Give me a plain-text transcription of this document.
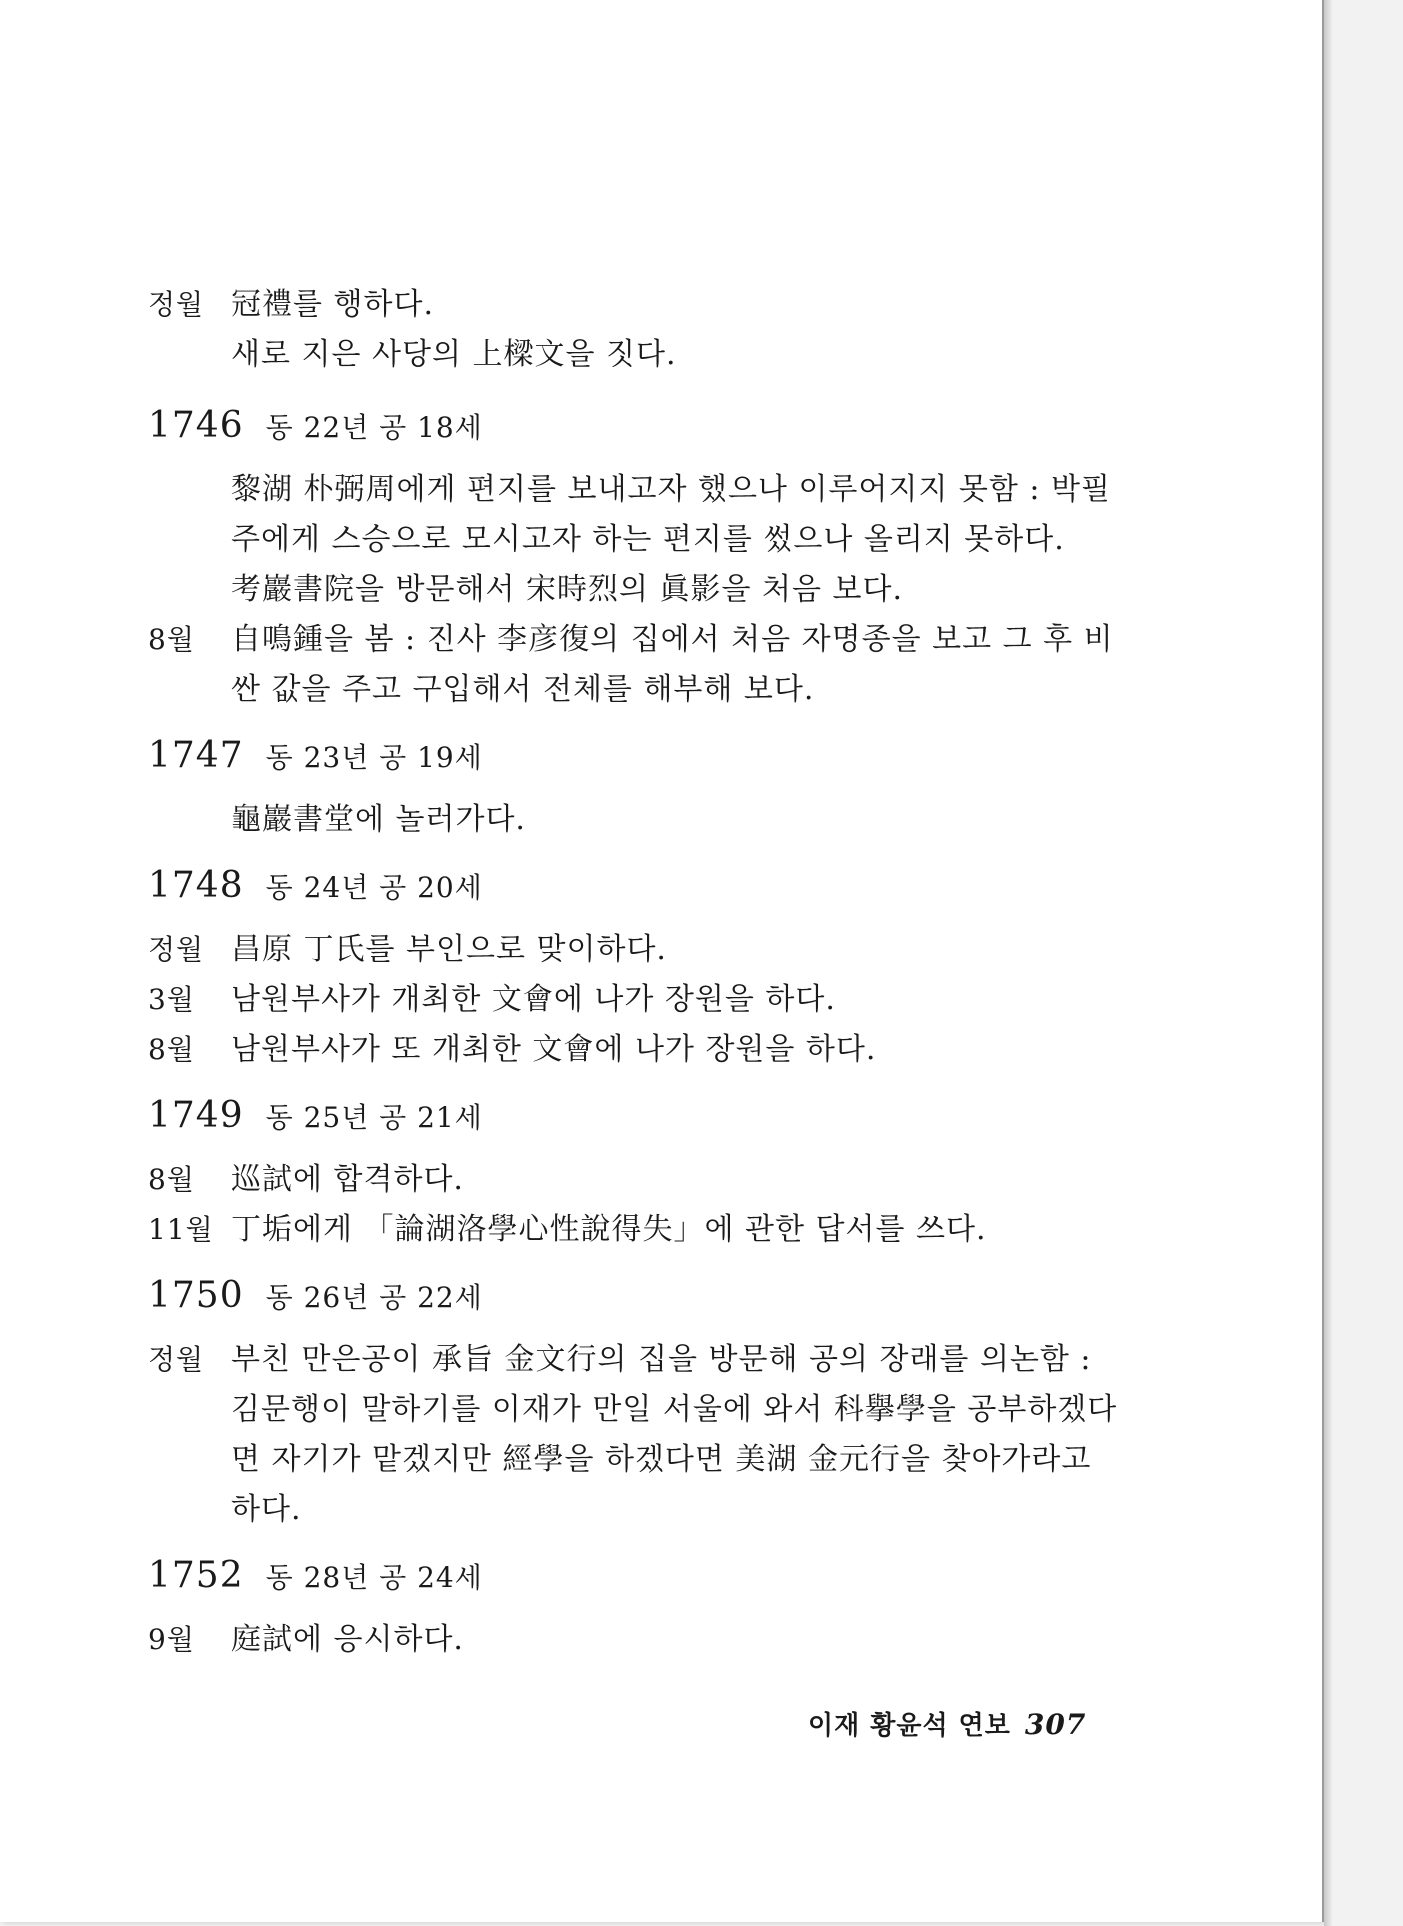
정월 冠禮를 행하다.
새로 지은 사당의 上樑文을 짓다.
1746 동 22년 공 18세
黎湖 朴弼周에게 편지를 보내고자 했으나 이루어지지 못함 : 박필
주에게 스승으로 모시고자 하는 편지를 썼으나 올리지 못하다.
考巖書院을 방문해서 宋時烈의 眞影을 처음 보다.
8월	自鳴鍾을 봄 : 진사 李彦復의 집에서 처음 자명종을 보고 그 후 비
싼 값을 주고 구입해서 전체를 해부해 보다.
1747 동 23년 공 19세
龜巖書堂에 놀러가다.
1748 동 24년 공 20세
정월 昌原 丁氏를 부인으로 맞이하다.
3월	남원부사가 개최한 文會에 나가 장원을 하다.
8월	남원부사가 또 개최한 文會에 나가 장원을 하다.
1749 동 25년 공 21세
8월	巡試에 합격하다.
11월 丁垢에게 「論湖洛學心性說得失」에 관한 답서를 쓰다.
1750 동 26년 공 22세
정월 부친 만은공이 承旨 金文行의 집을 방문해 공의 장래를 의논함 :
김문행이 말하기를 이재가 만일 서울에 와서 科擧學을 공부하겠다
면 자기가 맡겠지만 經學을 하겠다면 美湖 金元行을 찾아가라고
하다.
1752 동 28년 공 24세
9월	庭試에 응시하다.
이재 황윤석 연보 307
